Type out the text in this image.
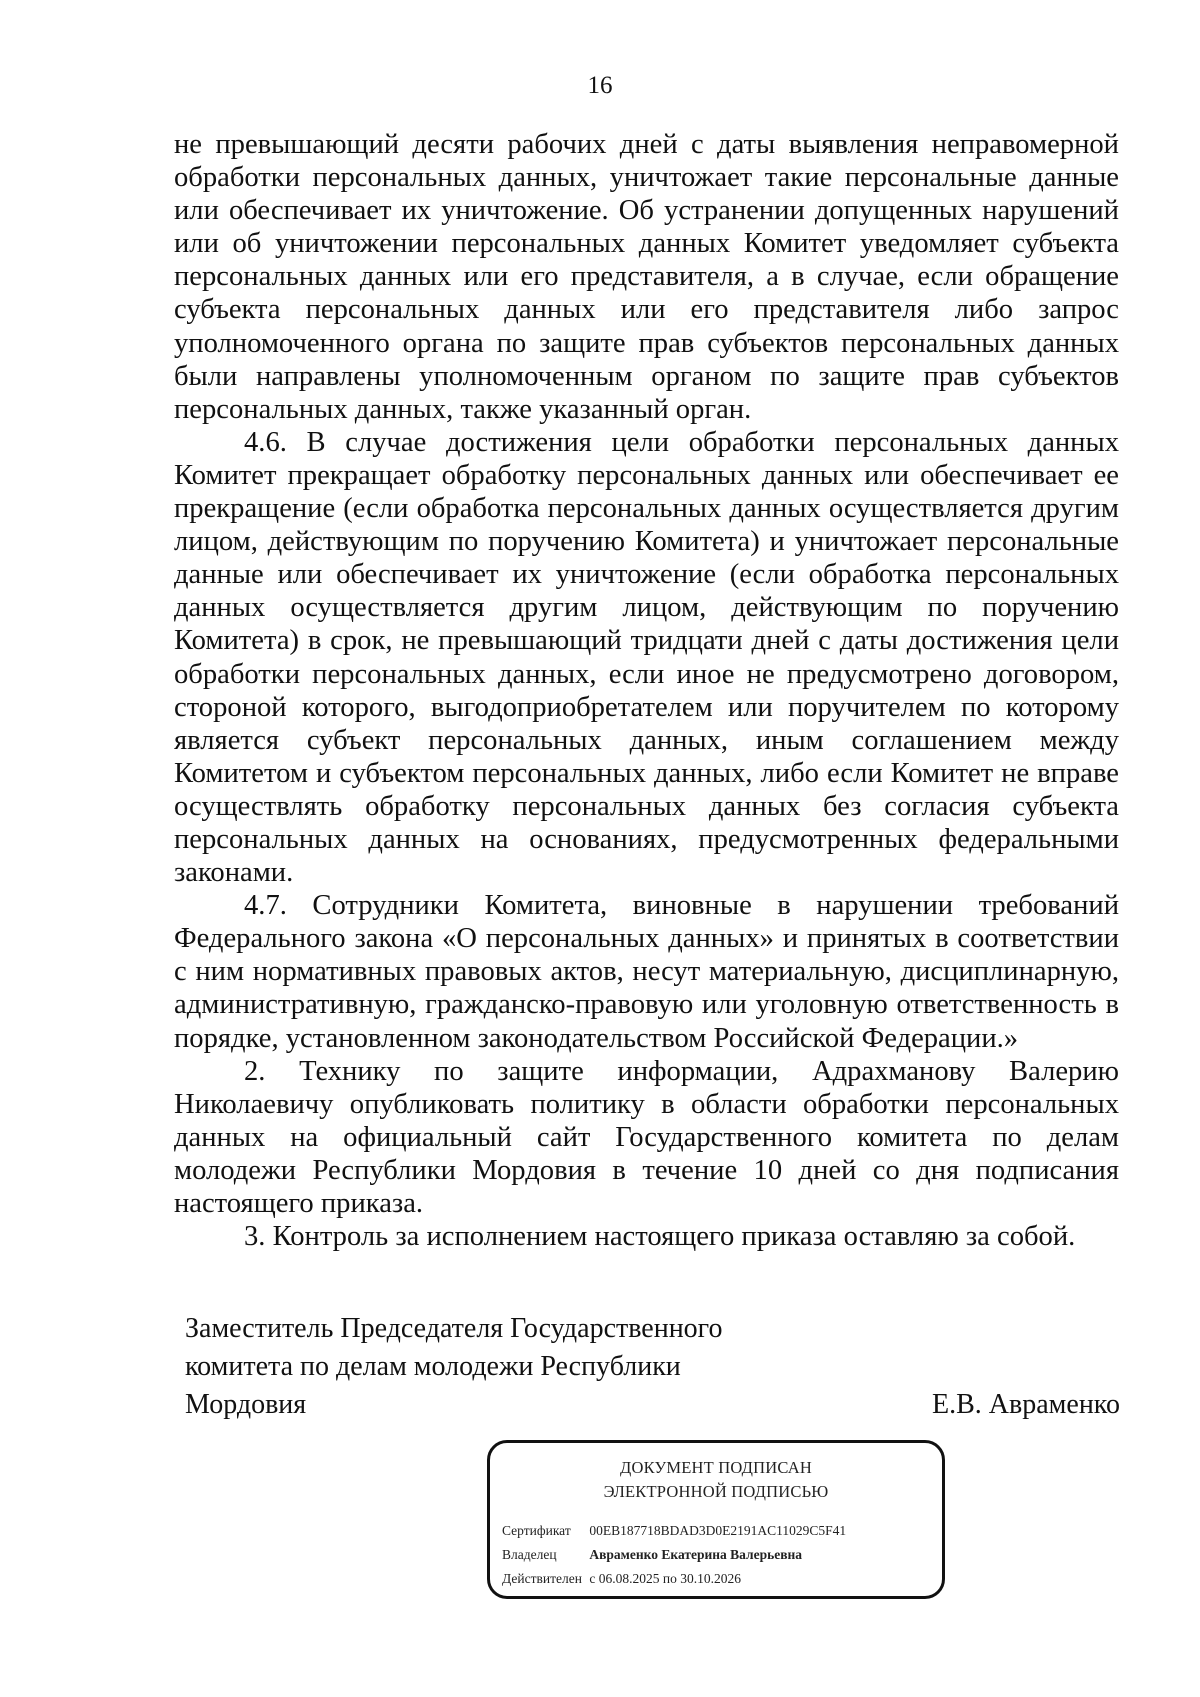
16

не превышающий десяти рабочих дней с даты выявления неправомерной обработки персональных данных, уничтожает такие персональные данные или обеспечивает их уничтожение. Об устранении допущенных нарушений или об уничтожении персональных данных Комитет уведомляет субъекта персональных данных или его представителя, а в случае, если обращение субъекта персональных данных или его представителя либо запрос уполномоченного органа по защите прав субъектов персональных данных были направлены уполномоченным органом по защите прав субъектов персональных данных, также указанный орган.

4.6. В случае достижения цели обработки персональных данных Комитет прекращает обработку персональных данных или обеспечивает ее прекращение (если обработка персональных данных осуществляется другим лицом, действующим по поручению Комитета) и уничтожает персональные данные или обеспечивает их уничтожение (если обработка персональных данных осуществляется другим лицом, действующим по поручению Комитета) в срок, не превышающий тридцати дней с даты достижения цели обработки персональных данных, если иное не предусмотрено договором, стороной которого, выгодоприобретателем или поручителем по которому является субъект персональных данных, иным соглашением между Комитетом и субъектом персональных данных, либо если Комитет не вправе осуществлять обработку персональных данных без согласия субъекта персональных данных на основаниях, предусмотренных федеральными законами.

4.7. Сотрудники Комитета, виновные в нарушении требований Федерального закона «О персональных данных» и принятых в соответствии с ним нормативных правовых актов, несут материальную, дисциплинарную, административную, гражданско-правовую или уголовную ответственность в порядке, установленном законодательством Российской Федерации.»

2. Технику по защите информации, Адрахманову Валерию Николаевичу опубликовать политику в области обработки персональных данных на официальный сайт Государственного комитета по делам молодежи Республики Мордовия в течение 10 дней со дня подписания настоящего приказа.

3. Контроль за исполнением настоящего приказа оставляю за собой.

Заместитель Председателя Государственного
комитета по делам молодежи Республики
Мордовия	Е.В. Авраменко
ДОКУМЕНТ ПОДПИСАН
ЭЛЕКТРОННОЙ ПОДПИСЬЮ
Сертификат 00EB187718BDAD3D0E2191AC11029C5F41
Владелец Авраменко Екатерина Валерьевна
Действителен с 06.08.2025 по 30.10.2026
